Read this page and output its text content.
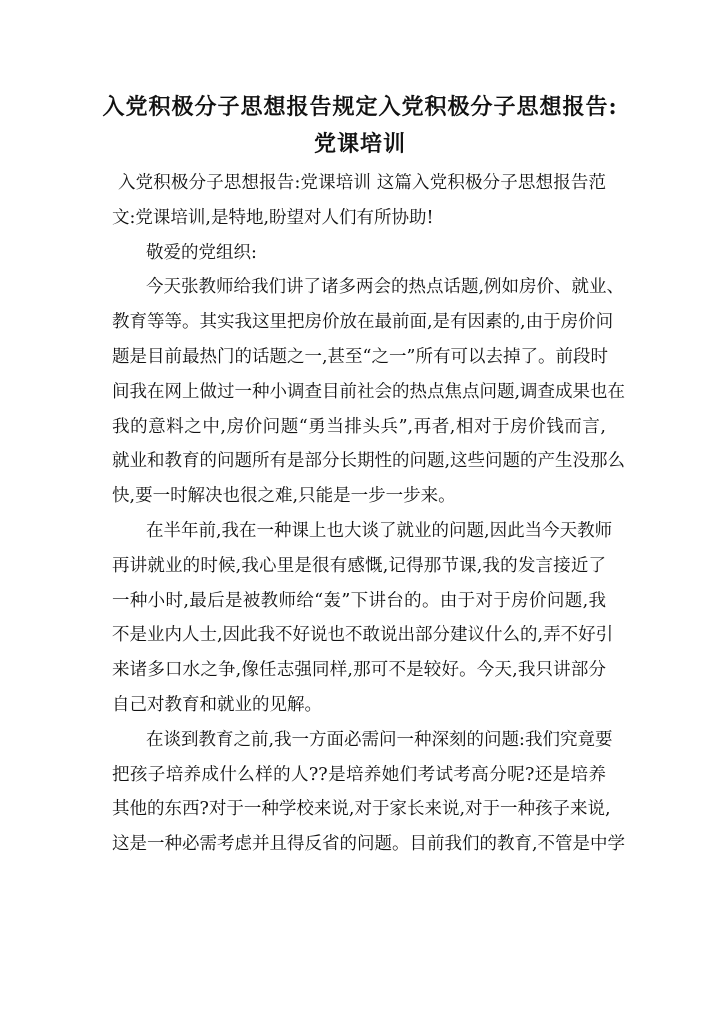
入党积极分子思想报告规定入党积极分子思想报告:
党课培训
入党积极分子思想报告:党课培训 这篇入党积极分子思想报告范
文:党课培训,是特地,盼望对人们有所协助!
敬爱的党组织:
今天张教师给我们讲了诸多两会的热点话题,例如房价、就业、
教育等等。其实我这里把房价放在最前面,是有因素的,由于房价问
题是目前最热门的话题之一,甚至“之一”所有可以去掉了。前段时
间我在网上做过一种小调查目前社会的热点焦点问题,调查成果也在
我的意料之中,房价问题“勇当排头兵”,再者,相对于房价钱而言,
就业和教育的问题所有是部分长期性的问题,这些问题的产生没那么
快,要一时解决也很之难,只能是一步一步来。
在半年前,我在一种课上也大谈了就业的问题,因此当今天教师
再讲就业的时候,我心里是很有感慨,记得那节课,我的发言接近了
一种小时,最后是被教师给“轰”下讲台的。由于对于房价问题,我
不是业内人士,因此我不好说也不敢说出部分建议什么的,弄不好引
来诸多口水之争,像任志强同样,那可不是较好。今天,我只讲部分
自己对教育和就业的见解。
在谈到教育之前,我一方面必需问一种深刻的问题:我们究竟要
把孩子培养成什么样的人??是培养她们考试考高分呢?还是培养
其他的东西?对于一种学校来说,对于家长来说,对于一种孩子来说,
这是一种必需考虑并且得反省的问题。目前我们的教育,不管是中学
